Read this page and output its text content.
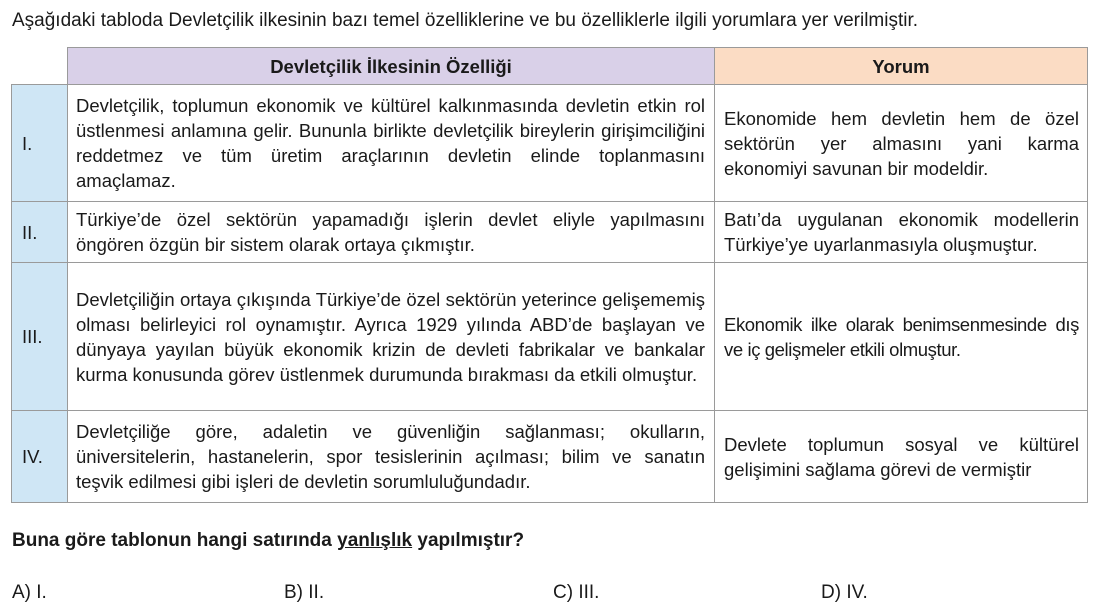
Aşağıdaki tabloda Devletçilik ilkesinin bazı temel özelliklerine ve bu özelliklerle ilgili yorumlara yer verilmiştir.
	Devletçilik İlkesinin Özelliği	Yorum
I.	Devletçilik, toplumun ekonomik ve kültürel kalkınmasında devletin etkin rol üstlenmesi anlamına gelir. Bununla birlikte devletçilik bireylerin girişimciliğini reddetmez ve tüm üretim araçlarının devletin elinde toplanmasını amaçlamaz.	Ekonomide hem devletin hem de özel sektörün yer almasını yani karma ekonomiyi savunan bir modeldir.
II.	Türkiye’de özel sektörün yapamadığı işlerin devlet eliyle yapılmasını öngören özgün bir sistem olarak ortaya çıkmıştır.	Batı’da uygulanan ekonomik modellerin Türkiye’ye uyarlanmasıyla oluşmuştur.
III.	Devletçiliğin ortaya çıkışında Türkiye’de özel sektörün yeterince gelişememiş olması belirleyici rol oynamıştır. Ayrıca 1929 yılında ABD’de başlayan ve dünyaya yayılan büyük ekonomik krizin de devleti fabrikalar ve bankalar kurma konusunda görev üstlenmek durumunda bırakması da etkili olmuştur.	Ekonomik ilke olarak benimsenmesinde dış ve iç gelişmeler etkili olmuştur.
IV.	Devletçiliğe göre, adaletin ve güvenliğin sağlanması; okulların, üniversitelerin, hastanelerin, spor tesislerinin açılması; bilim ve sanatın teşvik edilmesi gibi işleri de devletin sorumluluğundadır.	Devlete toplumun sosyal ve kültürel gelişimini sağlama görevi de vermiştir
Buna göre tablonun hangi satırında yanlışlık yapılmıştır?
A) I.	B) II.	C) III.	D) IV.
